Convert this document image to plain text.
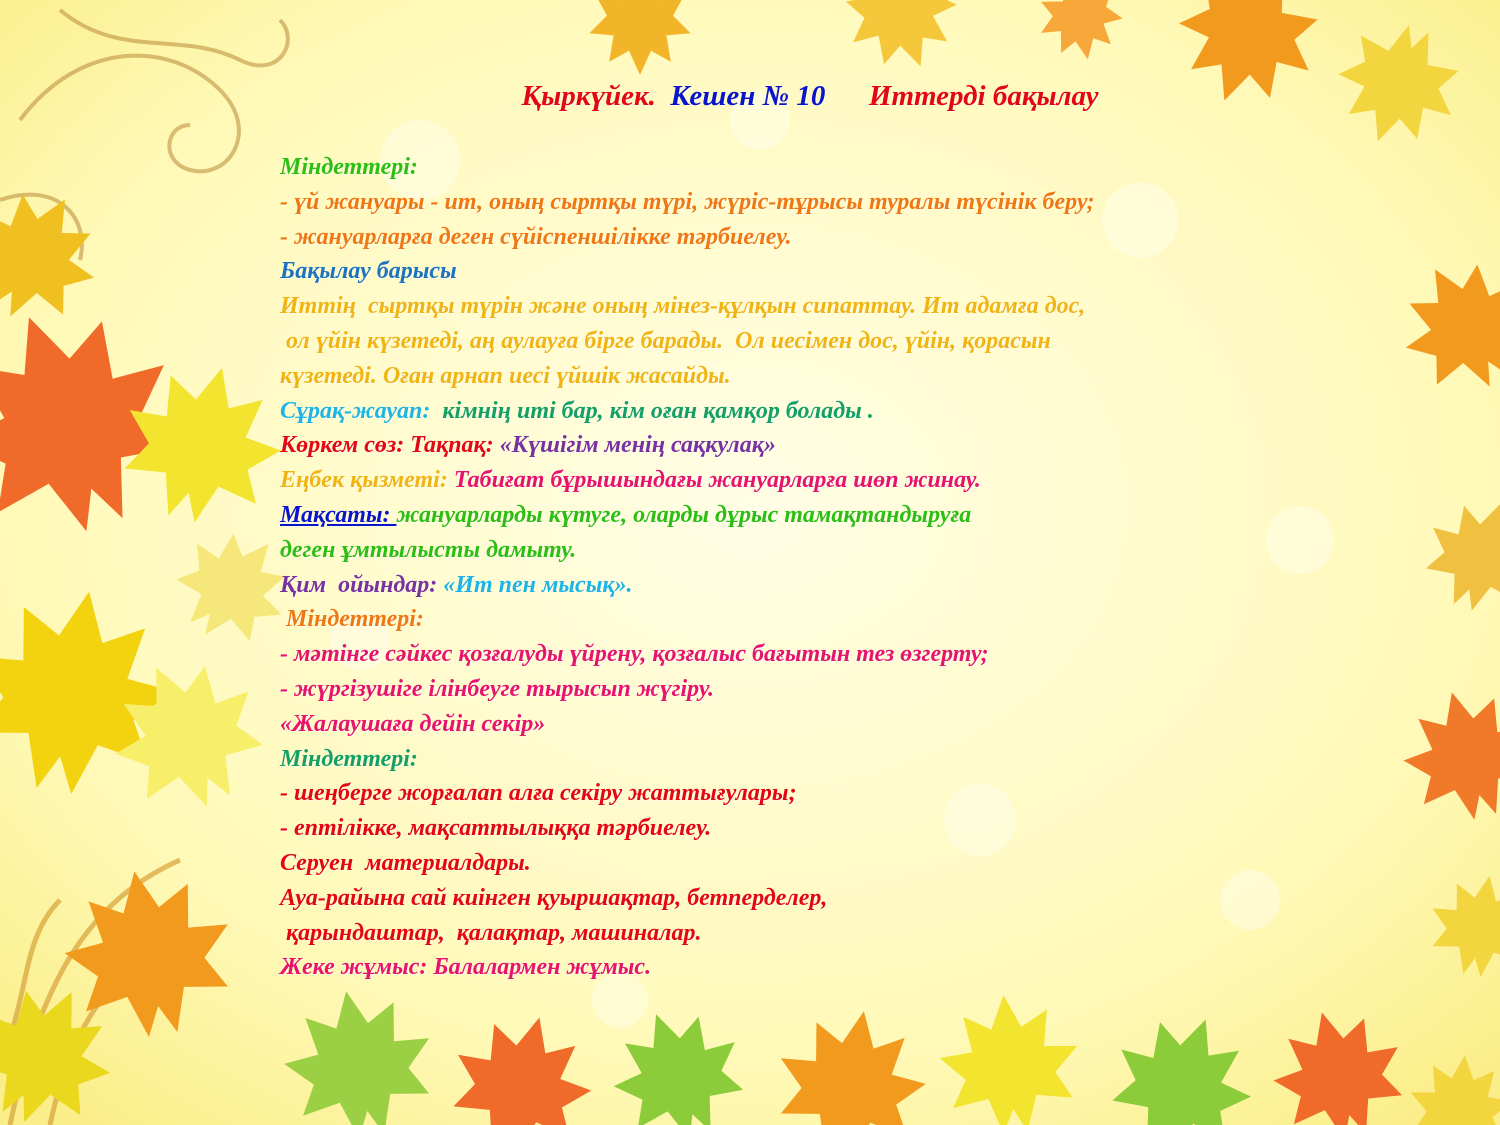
Қыркүйек. Кешен № 10 Иттерді бақылау
Міндеттері:
- үй жануары - ит, оның сыртқы түрі, жүріс-тұрысы туралы түсінік беру;
- жануарларға деген сүйіспеншілікке тәрбиелеу.
Бақылау барысы
Иттің  сыртқы түрін және оның мінез-құлқын сипаттау. Ит адамға дос,
ол үйін күзетеді, аң аулауға бірге барады.  Ол иесімен дос, үйін, қорасын
күзетеді. Оған арнап иесі үйшік жасайды.
Сұрақ-жауап:  кімнің иті бар, кім оған қамқор болады .
Көркем сөз: Тақпақ: «Күшігім менің сақкулақ»
Еңбек қызметі: Табиғат бұрышындағы жануарларға шөп жинау.
Мақсаты: жануарларды күтуге, оларды дұрыс тамақтандыруға
деген ұмтылысты дамыту.
Қим  ойындар: «Ит пен мысық».
Міндеттері:
- мәтінге сәйкес қозғалуды үйрену, қозғалыс бағытын тез өзгерту;
- жүргізушіге ілінбеуге тырысып жүгіру.
«Жалаушаға дейін секір»
Міндеттері:
- шеңберге жорғалап алға секіру жаттығулары;
- ептілікке, мақсаттылыққа тәрбиелеу.
Серуен  материалдары.
Ауа-райына сай киінген қуыршақтар, бетпердeлер,
қарындаштар,  қалақтар, машиналар.
Жеке жұмыс: Балалармен жұмыс.
